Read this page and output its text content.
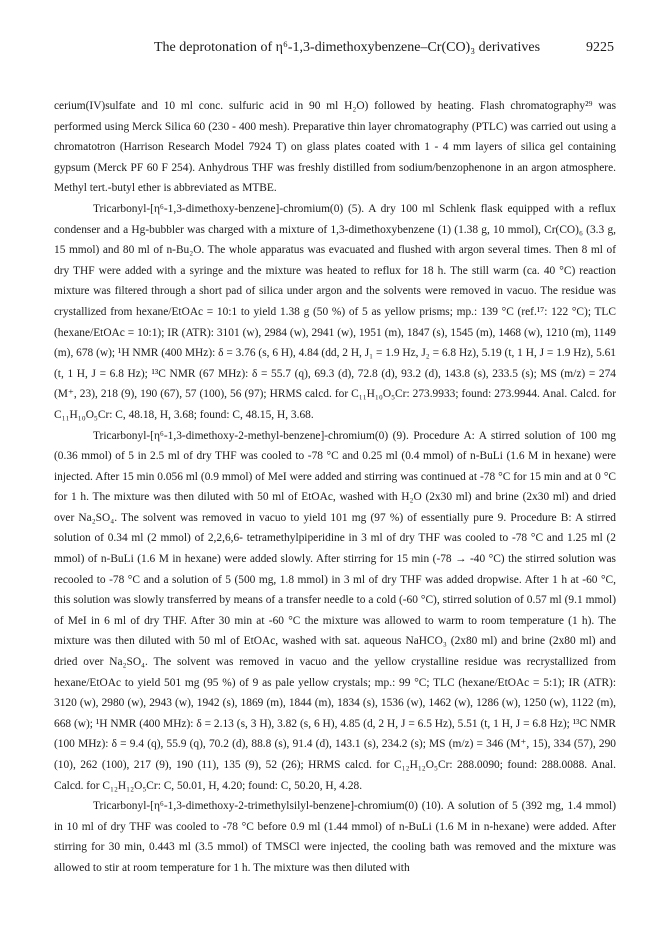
The deprotonation of η⁶-1,3-dimethoxybenzene–Cr(CO)₃ derivatives	9225

cerium(IV)sulfate and 10 ml conc. sulfuric acid in 90 ml H₂O) followed by heating. Flash chromatography²⁹ was performed using Merck Silica 60 (230 - 400 mesh). Preparative thin layer chromatography (PTLC) was carried out using a chromatotron (Harrison Research Model 7924 T) on glass plates coated with 1 - 4 mm layers of silica gel containing gypsum (Merck PF 60 F 254). Anhydrous THF was freshly distilled from sodium/benzophenone in an argon atmosphere. Methyl tert.-butyl ether is abbreviated as MTBE.

Tricarbonyl-[η⁶-1,3-dimethoxy-benzene]-chromium(0) (5). A dry 100 ml Schlenk flask equipped with a reflux condenser and a Hg-bubbler was charged with a mixture of 1,3-dimethoxybenzene (1) (1.38 g, 10 mmol), Cr(CO)₆ (3.3 g, 15 mmol) and 80 ml of n-Bu₂O. The whole apparatus was evacuated and flushed with argon several times. Then 8 ml of dry THF were added with a syringe and the mixture was heated to reflux for 18 h. The still warm (ca. 40 °C) reaction mixture was filtered through a short pad of silica under argon and the solvents were removed in vacuo. The residue was crystallized from hexane/EtOAc = 10:1 to yield 1.38 g (50 %) of 5 as yellow prisms; mp.: 139 °C (ref.¹⁷: 122 °C); TLC (hexane/EtOAc = 10:1); IR (ATR): 3101 (w), 2984 (w), 2941 (w), 1951 (m), 1847 (s), 1545 (m), 1468 (w), 1210 (m), 1149 (m), 678 (w); ¹H NMR (400 MHz): δ = 3.76 (s, 6 H), 4.84 (dd, 2 H, J₁ = 1.9 Hz, J₂ = 6.8 Hz), 5.19 (t, 1 H, J = 1.9 Hz), 5.61 (t, 1 H, J = 6.8 Hz); ¹³C NMR (67 MHz): δ = 55.7 (q), 69.3 (d), 72.8 (d), 93.2 (d), 143.8 (s), 233.5 (s); MS (m/z) = 274 (M⁺, 23), 218 (9), 190 (67), 57 (100), 56 (97); HRMS calcd. for C₁₁H₁₀O₅Cr: 273.9933; found: 273.9944. Anal. Calcd. for C₁₁H₁₀O₅Cr: C, 48.18, H, 3.68; found: C, 48.15, H, 3.68.

Tricarbonyl-[η⁶-1,3-dimethoxy-2-methyl-benzene]-chromium(0) (9). Procedure A: A stirred solution of 100 mg (0.36 mmol) of 5 in 2.5 ml of dry THF was cooled to -78 °C and 0.25 ml (0.4 mmol) of n-BuLi (1.6 M in hexane) were injected. After 15 min 0.056 ml (0.9 mmol) of MeI were added and stirring was continued at -78 °C for 15 min and at 0 °C for 1 h. The mixture was then diluted with 50 ml of EtOAc, washed with H₂O (2x30 ml) and brine (2x30 ml) and dried over Na₂SO₄. The solvent was removed in vacuo to yield 101 mg (97 %) of essentially pure 9. Procedure B: A stirred solution of 0.34 ml (2 mmol) of 2,2,6,6- tetramethylpiperidine in 3 ml of dry THF was cooled to -78 °C and 1.25 ml (2 mmol) of n-BuLi (1.6 M in hexane) were added slowly. After stirring for 15 min (-78 → -40 °C) the stirred solution was recooled to -78 °C and a solution of 5 (500 mg, 1.8 mmol) in 3 ml of dry THF was added dropwise. After 1 h at -60 °C, this solution was slowly transferred by means of a transfer needle to a cold (-60 °C), stirred solution of 0.57 ml (9.1 mmol) of MeI in 6 ml of dry THF. After 30 min at -60 °C the mixture was allowed to warm to room temperature (1 h). The mixture was then diluted with 50 ml of EtOAc, washed with sat. aqueous NaHCO₃ (2x80 ml) and brine (2x80 ml) and dried over Na₂SO₄. The solvent was removed in vacuo and the yellow crystalline residue was recrystallized from hexane/EtOAc to yield 501 mg (95 %) of 9 as pale yellow crystals; mp.: 99 °C; TLC (hexane/EtOAc = 5:1); IR (ATR): 3120 (w), 2980 (w), 2943 (w), 1942 (s), 1869 (m), 1844 (m), 1834 (s), 1536 (w), 1462 (w), 1286 (w), 1250 (w), 1122 (m), 668 (w); ¹H NMR (400 MHz): δ = 2.13 (s, 3 H), 3.82 (s, 6 H), 4.85 (d, 2 H, J = 6.5 Hz), 5.51 (t, 1 H, J = 6.8 Hz); ¹³C NMR (100 MHz): δ = 9.4 (q), 55.9 (q), 70.2 (d), 88.8 (s), 91.4 (d), 143.1 (s), 234.2 (s); MS (m/z) = 346 (M⁺, 15), 334 (57), 290 (10), 262 (100), 217 (9), 190 (11), 135 (9), 52 (26); HRMS calcd. for C₁₂H₁₂O₅Cr: 288.0090; found: 288.0088. Anal. Calcd. for C₁₂H₁₂O₅Cr: C, 50.01, H, 4.20; found: C, 50.20, H, 4.28.

Tricarbonyl-[η⁶-1,3-dimethoxy-2-trimethylsilyl-benzene]-chromium(0) (10). A solution of 5 (392 mg, 1.4 mmol) in 10 ml of dry THF was cooled to -78 °C before 0.9 ml (1.44 mmol) of n-BuLi (1.6 M in n-hexane) were added. After stirring for 30 min, 0.443 ml (3.5 mmol) of TMSCl were injected, the cooling bath was removed and the mixture was allowed to stir at room temperature for 1 h. The mixture was then diluted with
